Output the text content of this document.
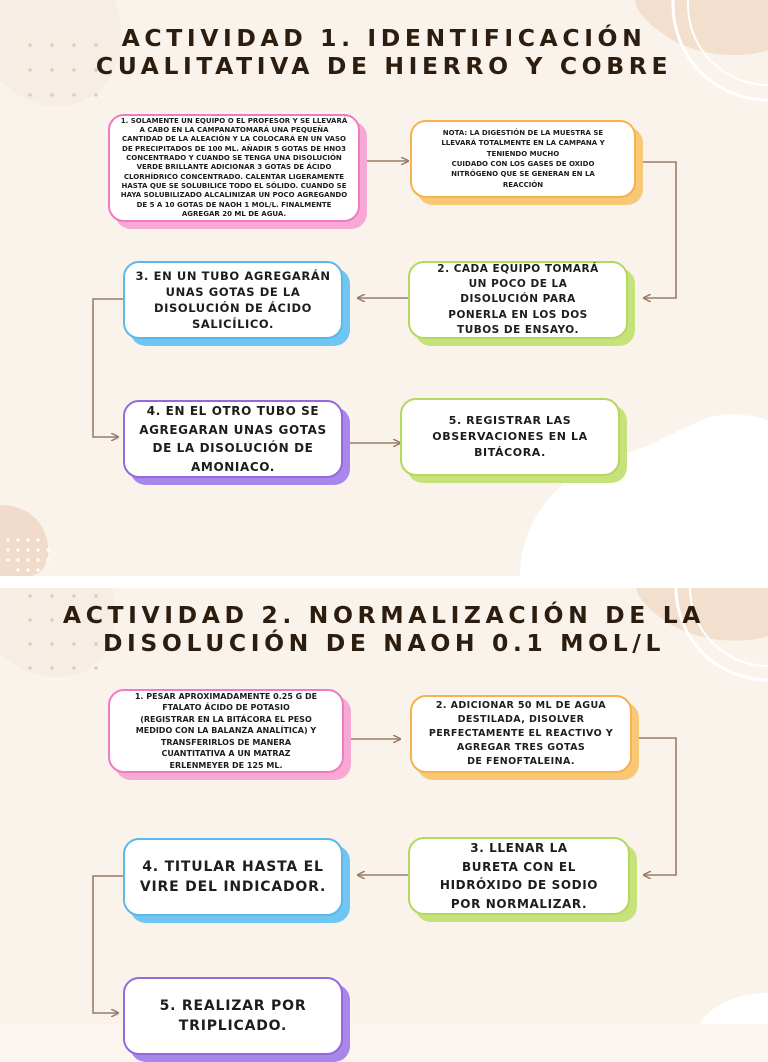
ACTIVIDAD 1. IDENTIFICACIÓN
CUALITATIVA DE HIERRO Y COBRE
1. SOLAMENTE UN EQUIPO O EL PROFESOR Y SE LLEVARÁ
A CABO EN LA CAMPANATOMARÁ UNA PEQUEÑA
CANTIDAD DE LA ALEACIÓN Y LA COLOCARÁ EN UN VASO
DE PRECIPITADOS DE 100 ML. AÑADIR 5 GOTAS DE HNO3
CONCENTRADO Y CUANDO SE TENGA UNA DISOLUCIÓN
VERDE BRILLANTE ADICIONAR 3 GOTAS DE ÁCIDO
CLORHÍDRICO CONCENTRADO. CALENTAR LIGERAMENTE
HASTA QUE SE SOLUBILICE TODO EL SÓLIDO. CUANDO SE
HAYA SOLUBILIZADO ALCALINIZAR UN POCO AGREGANDO
DE 5 A 10 GOTAS DE NAOH 1 MOL/L. FINALMENTE
AGREGAR 20 ML DE AGUA.
NOTA: LA DIGESTIÓN DE LA MUESTRA SE
LLEVARÁ TOTALMENTE EN LA CAMPANA Y
TENIENDO MUCHO
CUIDADO CON LOS GASES DE OXIDO
NITRÓGENO QUE SE GENERAN EN LA
REACCIÓN
3. EN UN TUBO AGREGARÁN
UNAS GOTAS DE LA
DISOLUCIÓN DE ÁCIDO
SALICÍLICO.
2. CADA EQUIPO TOMARÁ
UN POCO DE LA
DISOLUCIÓN PARA
PONERLA EN LOS DOS
TUBOS DE ENSAYO.
4. EN EL OTRO TUBO SE
AGREGARAN UNAS GOTAS
DE LA DISOLUCIÓN DE
AMONIACO.
5. REGISTRAR LAS
OBSERVACIONES EN LA
BITÁCORA.
ACTIVIDAD 2. NORMALIZACIÓN DE LA
DISOLUCIÓN DE NAOH 0.1 MOL/L
1. PESAR APROXIMADAMENTE 0.25 G DE
FTALATO ÁCIDO DE POTASIO
(REGISTRAR EN LA BITÁCORA EL PESO
MEDIDO CON LA BALANZA ANALÍTICA) Y
TRANSFERIRLOS DE MANERA
CUANTITATIVA A UN MATRAZ
ERLENMEYER DE 125 ML.
2. ADICIONAR 50 ML DE AGUA
DESTILADA, DISOLVER
PERFECTAMENTE EL REACTIVO Y
AGREGAR TRES GOTAS
DE FENOFTALEINA.
4. TITULAR HASTA EL
VIRE DEL INDICADOR.
3. LLENAR LA
BURETA CON EL
HIDRÓXIDO DE SODIO
POR NORMALIZAR.
5. REALIZAR POR
TRIPLICADO.
